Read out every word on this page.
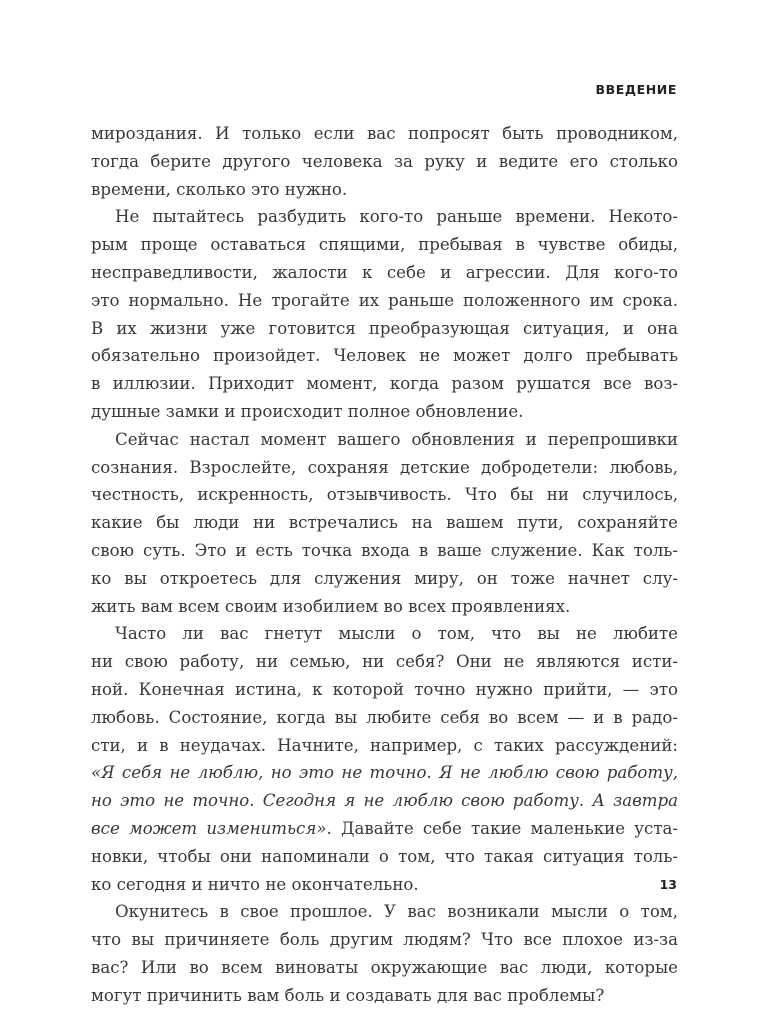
ВВЕДЕНИЕ
мироздания. И только если вас попросят быть проводником,
тогда берите другого человека за руку и ведите его столько
времени, сколько это нужно.
Не пытайтесь разбудить кого-то раньше времени. Некото-
рым проще оставаться спящими, пребывая в чувстве обиды,
несправедливости, жалости к себе и агрессии. Для кого-то
это нормально. Не трогайте их раньше положенного им срока.
В их жизни уже готовится преобразующая ситуация, и она
обязательно произойдет. Человек не может долго пребывать
в иллюзии. Приходит момент, когда разом рушатся все воз-
душные замки и происходит полное обновление.
Сейчас настал момент вашего обновления и перепрошивки
сознания. Взрослейте, сохраняя детские добродетели: любовь,
честность, искренность, отзывчивость. Что бы ни случилось,
какие бы люди ни встречались на вашем пути, сохраняйте
свою суть. Это и есть точка входа в ваше служение. Как толь-
ко вы откроетесь для служения миру, он тоже начнет слу-
жить вам всем своим изобилием во всех проявлениях.
Часто ли вас гнетут мысли о том, что вы не любите
ни свою работу, ни семью, ни себя? Они не являются исти-
ной. Конечная истина, к которой точно нужно прийти, — это
любовь. Состояние, когда вы любите себя во всем — и в радо-
сти, и в неудачах. Начните, например, с таких рассуждений:
«Я себя не люблю, но это не точно. Я не люблю свою работу,
но это не точно. Сегодня я не люблю свою работу. А завтра
все может измениться». Давайте себе такие маленькие уста-
новки, чтобы они напоминали о том, что такая ситуация толь-
ко сегодня и ничто не окончательно.
Окунитесь в свое прошлое. У вас возникали мысли о том,
что вы причиняете боль другим людям? Что все плохое из-за
вас? Или во всем виноваты окружающие вас люди, которые
могут причинить вам боль и создавать для вас проблемы?
13
